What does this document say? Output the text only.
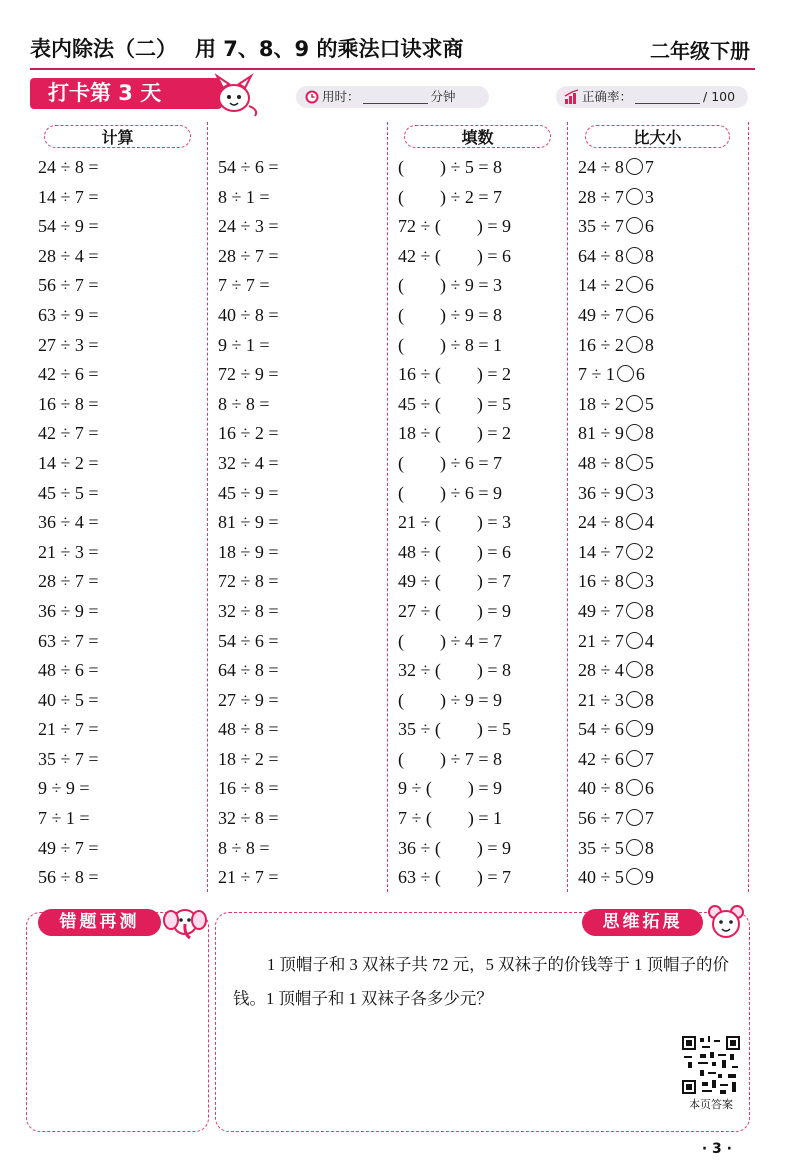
表内除法（二） 用 7、8、9 的乘法口诀求商	二年级下册
打卡第 3 天	用时：	分钟	正确率：	/ 100
计算	填数	比大小
24 ÷ 8 =
14 ÷ 7 =
54 ÷ 9 =
28 ÷ 4 =
56 ÷ 7 =
63 ÷ 9 =
27 ÷ 3 =
42 ÷ 6 =
16 ÷ 8 =
42 ÷ 7 =
14 ÷ 2 =
45 ÷ 5 =
36 ÷ 4 =
21 ÷ 3 =
28 ÷ 7 =
36 ÷ 9 =
63 ÷ 7 =
48 ÷ 6 =
40 ÷ 5 =
21 ÷ 7 =
35 ÷ 7 =
9 ÷ 9 =
7 ÷ 1 =
49 ÷ 7 =
56 ÷ 8 =
54 ÷ 6 =
8 ÷ 1 =
24 ÷ 3 =
28 ÷ 7 =
7 ÷ 7 =
40 ÷ 8 =
9 ÷ 1 =
72 ÷ 9 =
8 ÷ 8 =
16 ÷ 2 =
32 ÷ 4 =
45 ÷ 9 =
81 ÷ 9 =
18 ÷ 9 =
72 ÷ 8 =
32 ÷ 8 =
54 ÷ 6 =
64 ÷ 8 =
27 ÷ 9 =
48 ÷ 8 =
18 ÷ 2 =
16 ÷ 8 =
32 ÷ 8 =
8 ÷ 8 =
21 ÷ 7 =
(        ) ÷ 5 = 8
(        ) ÷ 2 = 7
72 ÷ (        ) = 9
42 ÷ (        ) = 6
(        ) ÷ 9 = 3
(        ) ÷ 9 = 8
(        ) ÷ 8 = 1
16 ÷ (        ) = 2
45 ÷ (        ) = 5
18 ÷ (        ) = 2
(        ) ÷ 6 = 7
(        ) ÷ 6 = 9
21 ÷ (        ) = 3
48 ÷ (        ) = 6
49 ÷ (        ) = 7
27 ÷ (        ) = 9
(        ) ÷ 4 = 7
32 ÷ (        ) = 8
(        ) ÷ 9 = 9
35 ÷ (        ) = 5
(        ) ÷ 7 = 8
9 ÷ (        ) = 9
7 ÷ (        ) = 1
36 ÷ (        ) = 9
63 ÷ (        ) = 7
24 ÷ 8 7
28 ÷ 7 3
35 ÷ 7 6
64 ÷ 8 8
14 ÷ 2 6
49 ÷ 7 6
16 ÷ 2 8
7 ÷ 1 6
18 ÷ 2 5
81 ÷ 9 8
48 ÷ 8 5
36 ÷ 9 3
24 ÷ 8 4
14 ÷ 7 2
16 ÷ 8 3
49 ÷ 7 8
21 ÷ 7 4
28 ÷ 4 8
21 ÷ 3 8
54 ÷ 6 9
42 ÷ 6 7
40 ÷ 8 6
56 ÷ 7 7
35 ÷ 5 8
40 ÷ 5 9
错题再测	思维拓展
1 顶帽子和 3 双袜子共 72 元，5 双袜子的价钱等于 1 顶帽子的价钱。1 顶帽子和 1 双袜子各多少元？
本页答案
· 3 ·
